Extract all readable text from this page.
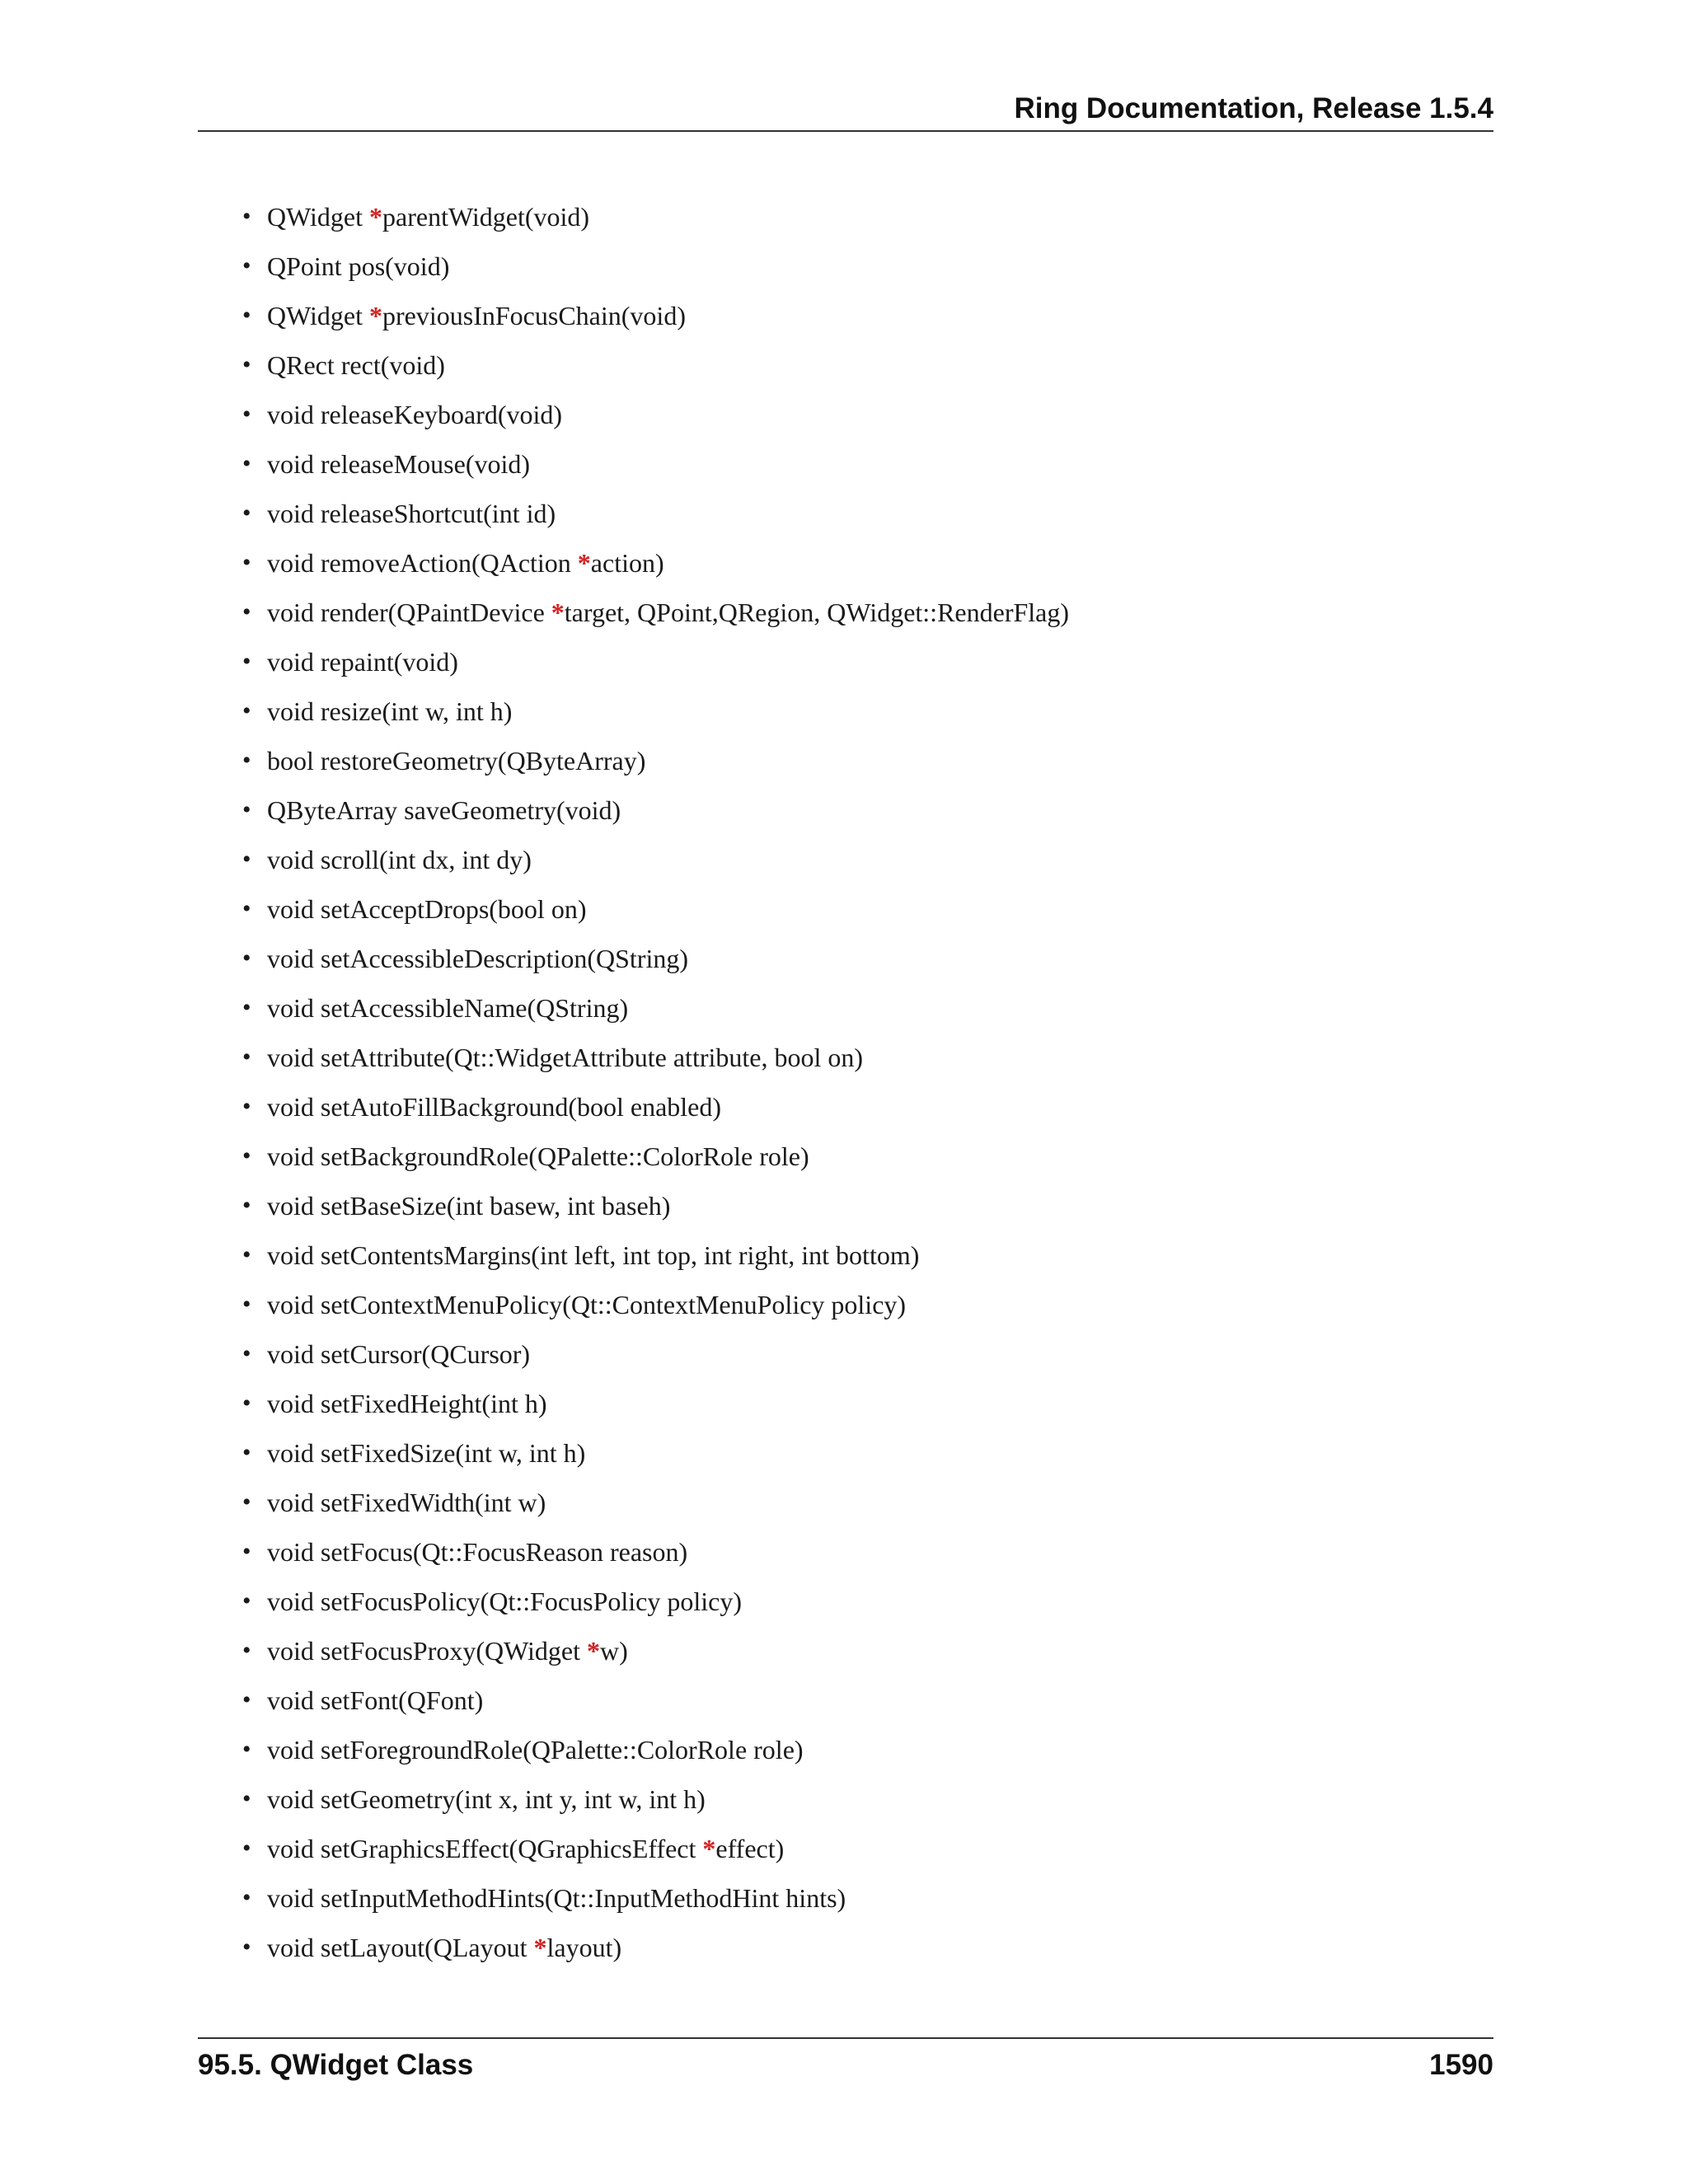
Ring Documentation, Release 1.5.4
• QWidget *parentWidget(void)
• QPoint pos(void)
• QWidget *previousInFocusChain(void)
• QRect rect(void)
• void releaseKeyboard(void)
• void releaseMouse(void)
• void releaseShortcut(int id)
• void removeAction(QAction *action)
• void render(QPaintDevice *target, QPoint,QRegion, QWidget::RenderFlag)
• void repaint(void)
• void resize(int w, int h)
• bool restoreGeometry(QByteArray)
• QByteArray saveGeometry(void)
• void scroll(int dx, int dy)
• void setAcceptDrops(bool on)
• void setAccessibleDescription(QString)
• void setAccessibleName(QString)
• void setAttribute(Qt::WidgetAttribute attribute, bool on)
• void setAutoFillBackground(bool enabled)
• void setBackgroundRole(QPalette::ColorRole role)
• void setBaseSize(int basew, int baseh)
• void setContentsMargins(int left, int top, int right, int bottom)
• void setContextMenuPolicy(Qt::ContextMenuPolicy policy)
• void setCursor(QCursor)
• void setFixedHeight(int h)
• void setFixedSize(int w, int h)
• void setFixedWidth(int w)
• void setFocus(Qt::FocusReason reason)
• void setFocusPolicy(Qt::FocusPolicy policy)
• void setFocusProxy(QWidget *w)
• void setFont(QFont)
• void setForegroundRole(QPalette::ColorRole role)
• void setGeometry(int x, int y, int w, int h)
• void setGraphicsEffect(QGraphicsEffect *effect)
• void setInputMethodHints(Qt::InputMethodHint hints)
• void setLayout(QLayout *layout)
95.5. QWidget Class	1590
